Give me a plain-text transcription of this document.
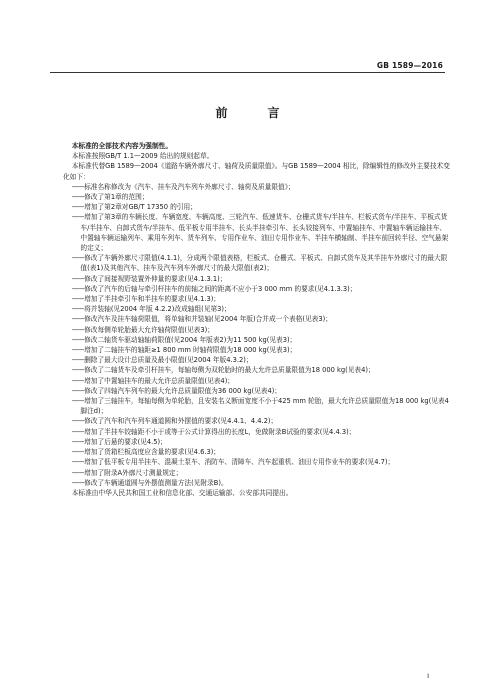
GB 1589—2016
前　言

本标准的全部技术内容为强制性。

本标准按照GB/T 1.1—2009 给出的规则起草。

本标准代替GB 1589—2004《道路车辆外廓尺寸、轴荷及质量限值》。与GB 1589—2004 相比，除编辑性的修改外主要技术变化如下：

——标准名称修改为《汽车、挂车及汽车列车外廓尺寸、轴荷及质量限值》；

——修改了第1章的范围；

——增加了第2章对GB/T 17350 的引用；

——增加了第3章的车辆长度、车辆宽度、车辆高度、三轮汽车、低速货车、仓栅式货车/半挂车、栏板式货车/半挂车、平板式货车/半挂车、自卸式货车/半挂车、低平板专用半挂车、长头半挂牵引车、长头铰接列车、中置轴挂车、中置轴车辆运输挂车、中置轴车辆运输列车、乘用车列车、货车列车、专用作业车、油田专用作业车、半挂车横轴制、半挂车前回转半径、空气悬架的定义；

——修改了车辆外廓尺寸限值(4.1.1)，分成两个限值表格，栏板式、仓栅式、平板式、自卸式货车及其半挂车外廓尺寸的最大限值(表1)及其他汽车、挂车及汽车列车外廓尺寸的最大限值(表2)；

——修改了间接视野装置外伸量的要求(见4.1.3.1)；

——修改了汽车的后轴与牵引杆挂车的前轴之间的距离不应小于3 000 mm 的要求(见4.1.3.3)；

——增加了半挂牵引车和半挂车的要求(见4.1.3)；

——将并装轴(见2004 年版 4.2.2)改成轴组(见第3)；

——修改汽车及挂车轴荷限值，将单轴和并装轴(见2004 年版)合并成一个表格(见表3)；

——修改每侧单轮胎最大允许轴荷限值(见表3)；

——修改二轴货车驱动轴轴荷限值(见2004 年版表2)为11 500 kg(见表3)；

——增加了二轴挂车的轴距≥1 800 mm 时轴荷限值为18 000 kg(见表3)；

——删除了最大设计总质量及最小限值(见2004 年版4.3.2)；

——修改了二轴货车及牵引杆挂车，每轴每侧为双轮胎时的最大允许总质量限值为18 000 kg(见表4)；

——增加了中置轴挂车的最大允许总质量限值(见表4)；

——修改了四轴汽车列车的最大允许总质量限值为36 000 kg(见表4)；

——增加了三轴挂车，每轴每侧为单轮胎，且安装名义断面宽度不小于425 mm 轮胎，最大允许总质量限值为18 000 kg(见表4脚注d)；

——修改了汽车和汽车列车通道圆和外摆值的要求(见4.4.1、4.4.2)；

——增加了半挂车铰轴距不小于或等于公式计算得出的长度L，免做附录B试验的要求(见4.4.3)；

——增加了后悬的要求(见4.5)；

——增加了货箱栏板高度应含量的要求(见4.6.3)；

——增加了低平板专用半挂车、混凝土泵车、消防车、清障车、汽车起重机、油田专用作业车的要求(见4.7)；

——增加了附录A外廓尺寸测量规定；

——修改了车辆通道圆与外摆值测量方法(见附录B)。

本标准由中华人民共和国工业和信息化部、交通运输部、公安部共同提出。

I
